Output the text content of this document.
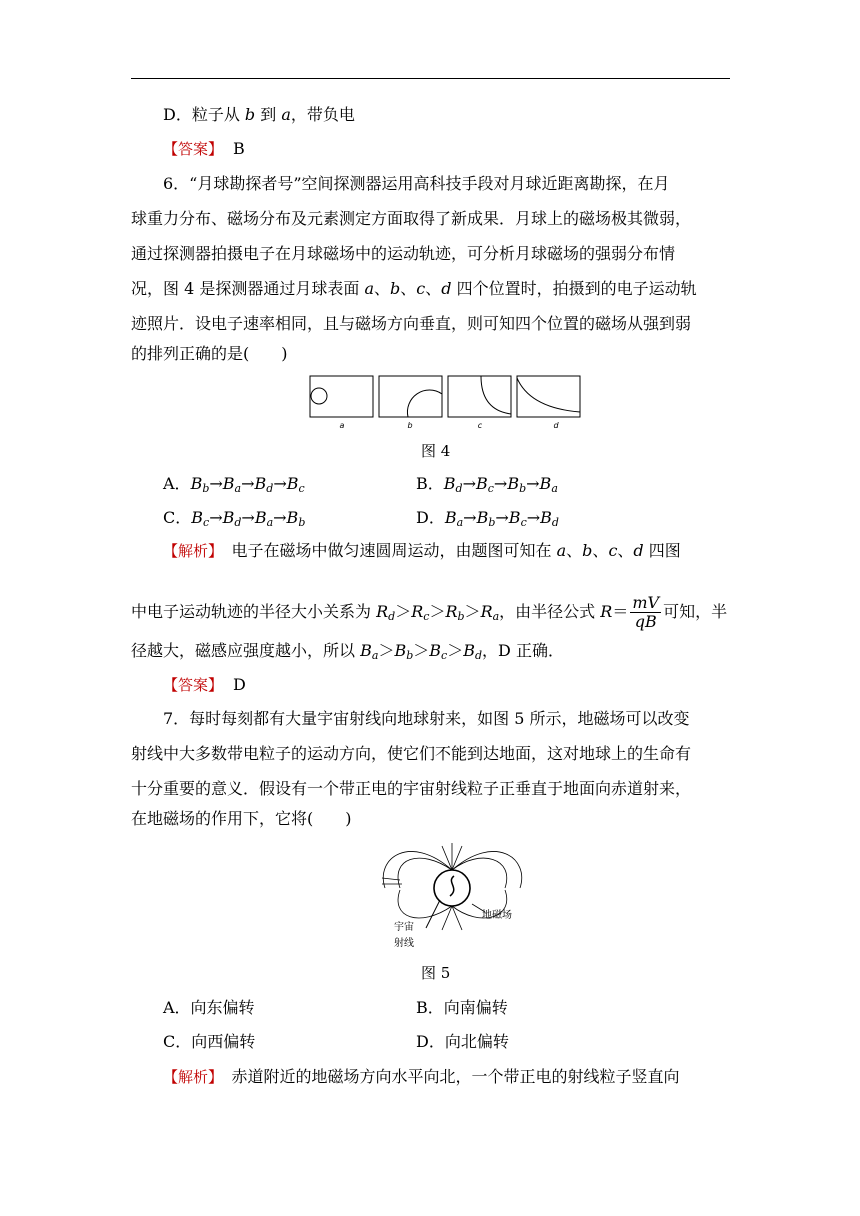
D．粒子从 b 到 a，带负电
【答案】 B
6．“月球勘探者号”空间探测器运用高科技手段对月球近距离勘探，在月
球重力分布、磁场分布及元素测定方面取得了新成果．月球上的磁场极其微弱，
通过探测器拍摄电子在月球磁场中的运动轨迹，可分析月球磁场的强弱分布情
况，图 4 是探测器通过月球表面 a、b、c、d 四个位置时，拍摄到的电子运动轨
迹照片．设电子速率相同，且与磁场方向垂直，则可知四个位置的磁场从强到弱
的排列正确的是(　　)
a	b	c	d
图 4
A．$B_b\to B_a\to B_d\to B_c$	B．$B_d\to B_c\to B_b\to B_a$
C．$B_c\to B_d\to B_a\to B_b$	D．$B_a\to B_b\to B_c\to B_d$
【解析】　电子在磁场中做匀速圆周运动，由题图可知在 a、b、c、d 四图
中电子运动轨迹的半径大小关系为 $R_d>R_c>R_b>R_a$，由半径公式 $R= \frac{mV}{qB}$ 可知，半
径越大，磁感应强度越小，所以 $B_a>B_b>B_c>B_d$，D 正确．
【答案】 D
7．每时每刻都有大量宇宙射线向地球射来，如图 5 所示，地磁场可以改变
射线中大多数带电粒子的运动方向，使它们不能到达地面，这对地球上的生命有
十分重要的意义．假设有一个带正电的宇宙射线粒子正垂直于地面向赤道射来，
在地磁场的作用下，它将(　　)
地磁场
宇宙
射线
图 5
A．向东偏转	B．向南偏转
C．向西偏转	D．向北偏转
【解析】　 赤道附近的地磁场方向水平向北，一个带正电的射线粒子竖直向
